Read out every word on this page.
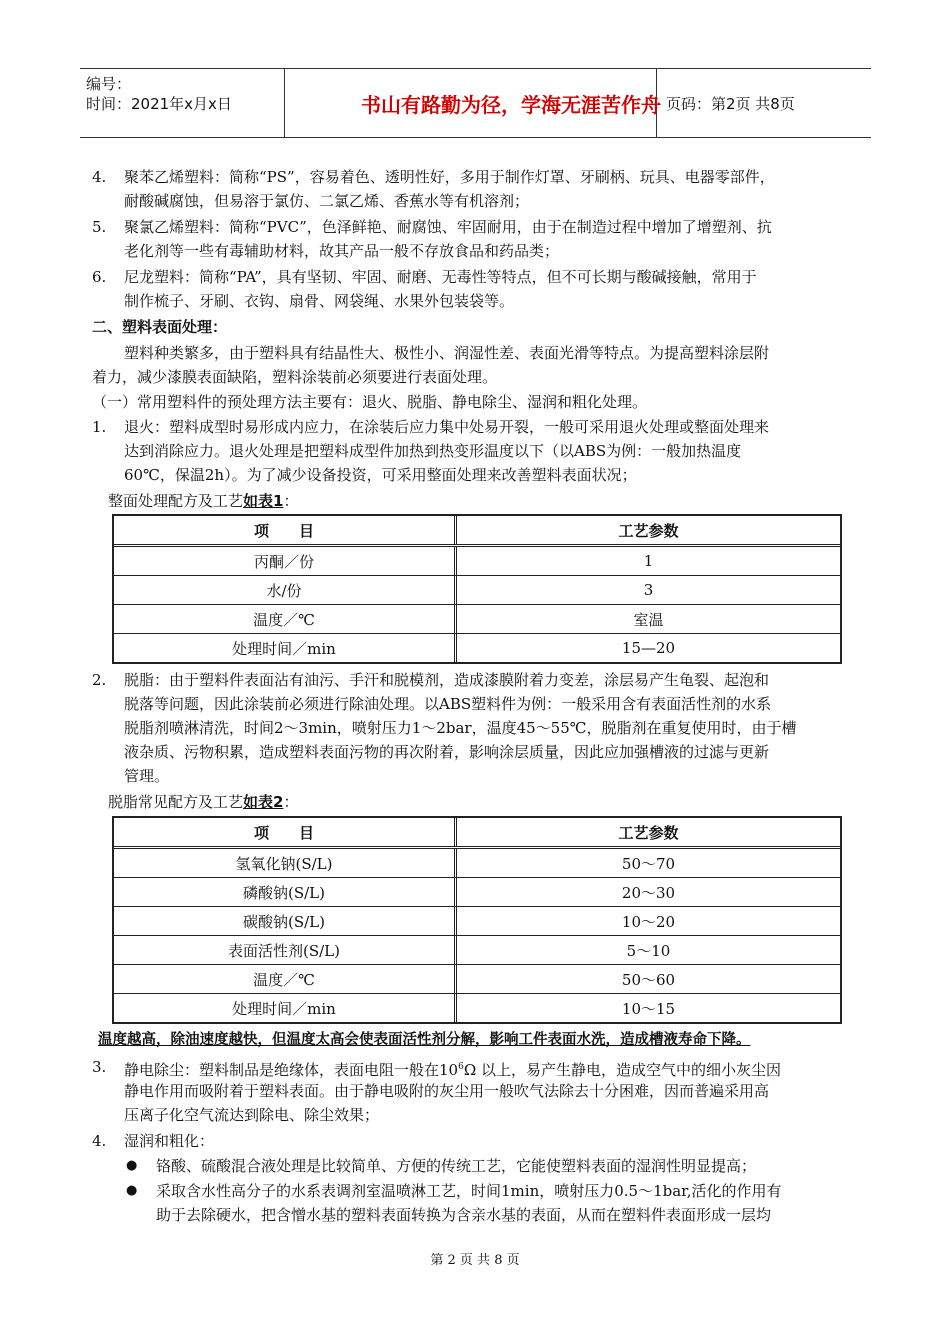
编号：
时间：2021年x月x日	书山有路勤为径，学海无涯苦作舟 页码：第2页 共8页
4. 聚苯乙烯塑料：简称“PS”，容易着色、透明性好，多用于制作灯罩、牙刷柄、玩具、电器零部件，
耐酸碱腐蚀，但易溶于氯仿、二氯乙烯、香蕉水等有机溶剂；
5. 聚氯乙烯塑料：简称“PVC”，色泽鲜艳、耐腐蚀、牢固耐用，由于在制造过程中增加了增塑剂、抗
老化剂等一些有毒辅助材料，故其产品一般不存放食品和药品类；
6. 尼龙塑料：简称“PA”，具有坚韧、牢固、耐磨、无毒性等特点，但不可长期与酸碱接触，常用于
制作梳子、牙刷、衣钩、扇骨、网袋绳、水果外包装袋等。
二、塑料表面处理：
塑料种类繁多，由于塑料具有结晶性大、极性小、润湿性差、表面光滑等特点。为提高塑料涂层附
着力，减少漆膜表面缺陷，塑料涂装前必须要进行表面处理。
（一）常用塑料件的预处理方法主要有：退火、脱脂、静电除尘、湿润和粗化处理。
1. 退火：塑料成型时易形成内应力，在涂装后应力集中处易开裂，一般可采用退火处理或整面处理来
达到消除应力。退火处理是把塑料成型件加热到热变形温度以下（以ABS为例：一般加热温度
60℃，保温2h）。为了减少设备投资，可采用整面处理来改善塑料表面状况；
整面处理配方及工艺如表1：
项　　目	工艺参数
丙酮／份	1
水/份	3
温度／℃	室温
处理时间／min	15—20
2. 脱脂：由于塑料件表面沾有油污、手汗和脱模剂，造成漆膜附着力变差，涂层易产生龟裂、起泡和
脱落等问题，因此涂装前必须进行除油处理。以ABS塑料件为例：一般采用含有表面活性剂的水系
脱脂剂喷淋清洗，时间2～3min，喷射压力1～2bar，温度45～55℃，脱脂剂在重复使用时，由于槽
液杂质、污物积累，造成塑料表面污物的再次附着，影响涂层质量，因此应加强槽液的过滤与更新
管理。
脱脂常见配方及工艺如表2：
项　　目	工艺参数
氢氧化钠(S/L)	50～70
磷酸钠(S/L)	20～30
碳酸钠(S/L)	10～20
表面活性剂(S/L)	5～10
温度／℃	50～60
处理时间／min	10～15
温度越高，除油速度越快，但温度太高会使表面活性剂分解，影响工件表面水洗，造成槽液寿命下降。
3. 静电除尘：塑料制品是绝缘体，表面电阻一般在$10^6\Omega$ 以上，易产生静电，造成空气中的细小灰尘因
静电作用而吸附着于塑料表面。由于静电吸附的灰尘用一般吹气法除去十分困难，因而普遍采用高
压离子化空气流达到除电、除尘效果；
4. 湿润和粗化：
● 铬酸、硫酸混合液处理是比较简单、方便的传统工艺，它能使塑料表面的湿润性明显提高；
● 采取含水性高分子的水系表调剂室温喷淋工艺，时间1min，喷射压力0.5～1bar,活化的作用有
助于去除硬水，把含憎水基的塑料表面转换为含亲水基的表面，从而在塑料件表面形成一层均
第 2 页 共 8 页
